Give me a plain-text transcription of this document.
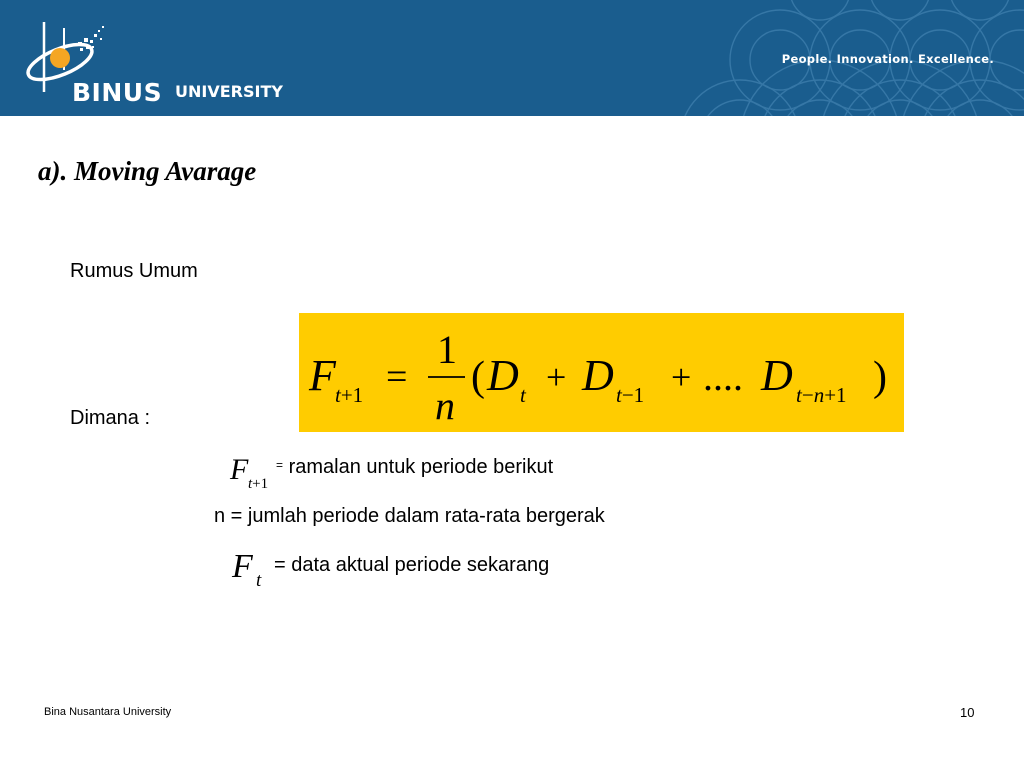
BINUS UNIVERSITY
People. Innovation. Excellence.
a). Moving Avarage
Rumus Umum
F t+1 =
1
n
( D t + D t−1 + .... D t−n+1 )
Dimana :
F t+1
= ramalan untuk periode berikut
n = jumlah periode dalam rata-rata bergerak
F t
= data aktual periode sekarang
Bina Nusantara University	10
